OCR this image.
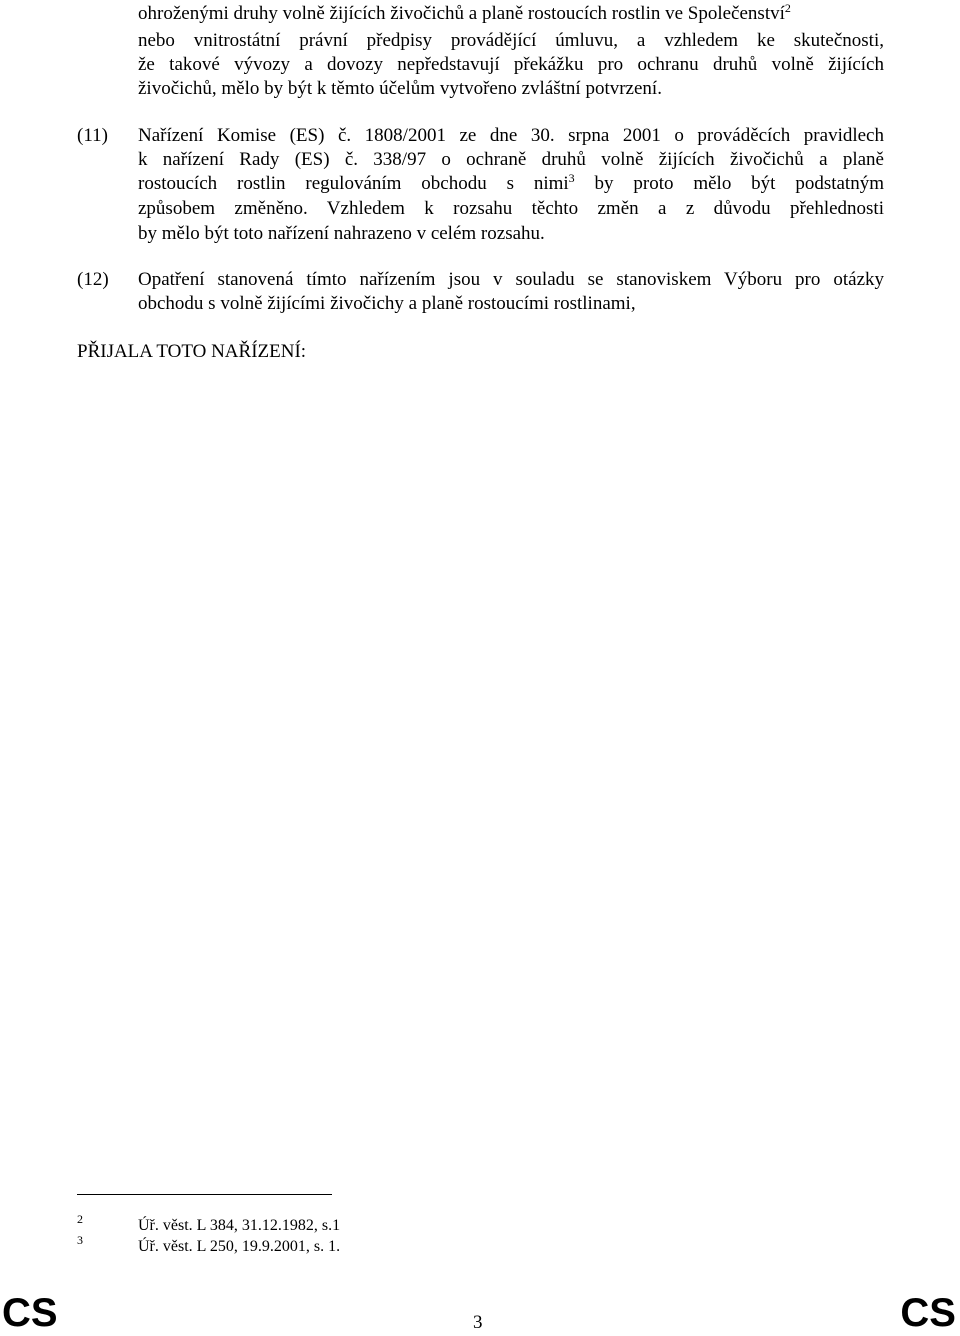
ohroženými druhy volně žijících živočichů a planě rostoucích rostlin ve Společenství$^2$
nebo vnitrostátní právní předpisy provádějící úmluvu, a vzhledem ke skutečnosti,
že takové vývozy a dovozy nepředstavují překážku pro ochranu druhů volně žijících
živočichů, mělo by být k těmto účelům vytvořeno zvláštní potvrzení.
(11) Nařízení Komise (ES) č. 1808/2001 ze dne 30. srpna 2001 o prováděcích pravidlech
k nařízení Rady (ES) č. 338/97 o ochraně druhů volně žijících živočichů a planě
rostoucích rostlin regulováním obchodu s nimi$^3$ by proto mělo být podstatným
způsobem změněno. Vzhledem k rozsahu těchto změn a z důvodu přehlednosti
by mělo být toto nařízení nahrazeno v celém rozsahu.
(12) Opatření stanovená tímto nařízením jsou v souladu se stanoviskem Výboru pro otázky
obchodu s volně žijícími živočichy a planě rostoucími rostlinami,
PŘIJALA TOTO NAŘÍZENÍ:
2	Úř. věst. L 384, 31.12.1982, s.1
3	Úř. věst. L 250, 19.9.2001, s. 1.
CS	3	CS
